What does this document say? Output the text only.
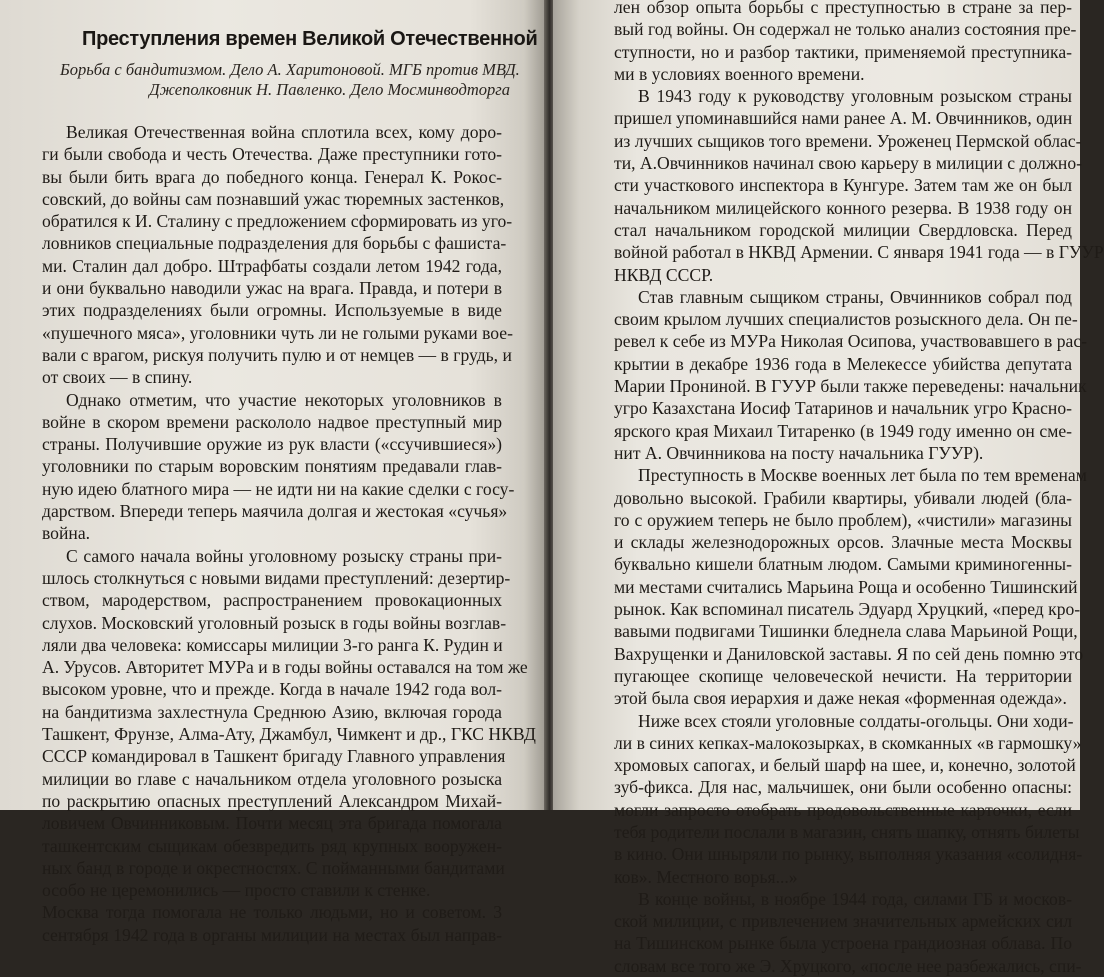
Преступления времен Великой Отечественной
Борьба с бандитизмом. Дело А. Харитоновой. МГБ против МВД.
Джеполковник Н. Павленко. Дело Мосминводторга
Великая Отечественная война сплотила всех, кому доро-
ги были свобода и честь Отечества. Даже преступники гото-
вы были бить врага до победного конца. Генерал К. Рокос-
совский, до войны сам познавший ужас тюремных застенков,
обратился к И. Сталину с предложением сформировать из уго-
ловников специальные подразделения для борьбы с фашиста-
ми. Сталин дал добро. Штрафбаты создали летом 1942 года,
и они буквально наводили ужас на врага. Правда, и потери в
этих подразделениях были огромны. Используемые в виде
«пушечного мяса», уголовники чуть ли не голыми руками вое-
вали с врагом, рискуя получить пулю и от немцев — в грудь, и
от своих — в спину.
Однако отметим, что участие некоторых уголовников в
войне в скором времени раскололо надвое преступный мир
страны. Получившие оружие из рук власти («ссучившиеся»)
уголовники по старым воровским понятиям предавали глав-
ную идею блатного мира — не идти ни на какие сделки с госу-
дарством. Впереди теперь маячила долгая и жестокая «сучья»
война.
С самого начала войны уголовному розыску страны при-
шлось столкнуться с новыми видами преступлений: дезертир-
ством, мародерством, распространением провокационных
слухов. Московский уголовный розыск в годы войны возглав-
ляли два человека: комиссары милиции 3-го ранга К. Рудин и
А. Урусов. Авторитет МУРа и в годы войны оставался на том же
высоком уровне, что и прежде. Когда в начале 1942 года вол-
на бандитизма захлестнула Среднюю Азию, включая города
Ташкент, Фрунзе, Алма-Ату, Джамбул, Чимкент и др., ГКС НКВД
СССР командировал в Ташкент бригаду Главного управления
милиции во главе с начальником отдела уголовного розыска
по раскрытию опасных преступлений Александром Михай-
ловичем Овчинниковым. Почти месяц эта бригада помогала
ташкентским сыщикам обезвредить ряд крупных вооружен-
ных банд в городе и окрестностях. С пойманными бандитами
особо не церемонились — просто ставили к стенке.
Москва тогда помогала не только людьми, но и советом. 3
сентября 1942 года в органы милиции на местах был направ-
лен обзор опыта борьбы с преступностью в стране за пер-
вый год войны. Он содержал не только анализ состояния пре-
ступности, но и разбор тактики, применяемой преступника-
ми в условиях военного времени.
В 1943 году к руководству уголовным розыском страны
пришел упоминавшийся нами ранее А. М. Овчинников, один
из лучших сыщиков того времени. Уроженец Пермской облас-
ти, А.Овчинников начинал свою карьеру в милиции с должно-
сти участкового инспектора в Кунгуре. Затем там же он был
начальником милицейского конного резерва. В 1938 году он
стал начальником городской милиции Свердловска. Перед
войной работал в НКВД Армении. С января 1941 года — в ГУУР
НКВД СССР.
Став главным сыщиком страны, Овчинников собрал под
своим крылом лучших специалистов розыскного дела. Он пе-
ревел к себе из МУРа Николая Осипова, участвовавшего в рас-
крытии в декабре 1936 года в Мелекессе убийства депутата
Марии Прониной. В ГУУР были также переведены: начальник
угро Казахстана Иосиф Татаринов и начальник угро Красно-
ярского края Михаил Титаренко (в 1949 году именно он сме-
нит А. Овчинникова на посту начальника ГУУР).
Преступность в Москве военных лет была по тем временам
довольно высокой. Грабили квартиры, убивали людей (бла-
го с оружием теперь не было проблем), «чистили» магазины
и склады железнодорожных орсов. Злачные места Москвы
буквально кишели блатным людом. Самыми криминогенны-
ми местами считались Марьина Роща и особенно Тишинский
рынок. Как вспоминал писатель Эдуард Хруцкий, «перед кро-
вавыми подвигами Тишинки бледнела слава Марьиной Рощи,
Вахрущенки и Даниловской заставы. Я по сей день помню это
пугающее скопище человеческой нечисти. На территории
этой была своя иерархия и даже некая «форменная одежда».
Ниже всех стояли уголовные солдаты-огольцы. Они ходи-
ли в синих кепках-малокозырках, в скомканных «в гармошку»
хромовых сапогах, и белый шарф на шее, и, конечно, золотой
зуб-фикса. Для нас, мальчишек, они были особенно опасны:
могли запросто отобрать продовольственные карточки, если
тебя родители послали в магазин, снять шапку, отнять билеты
в кино. Они шныряли по рынку, выполняя указания «солидня-
ков». Местного ворья...»
В конце войны, в ноябре 1944 года, силами ГБ и москов-
ской милиции, с привлечением значительных армейских сил
на Тишинском рынке была устроена грандиозная облава. По
словам все того же Э. Хруцкого, «после нее разбежались, спи-
